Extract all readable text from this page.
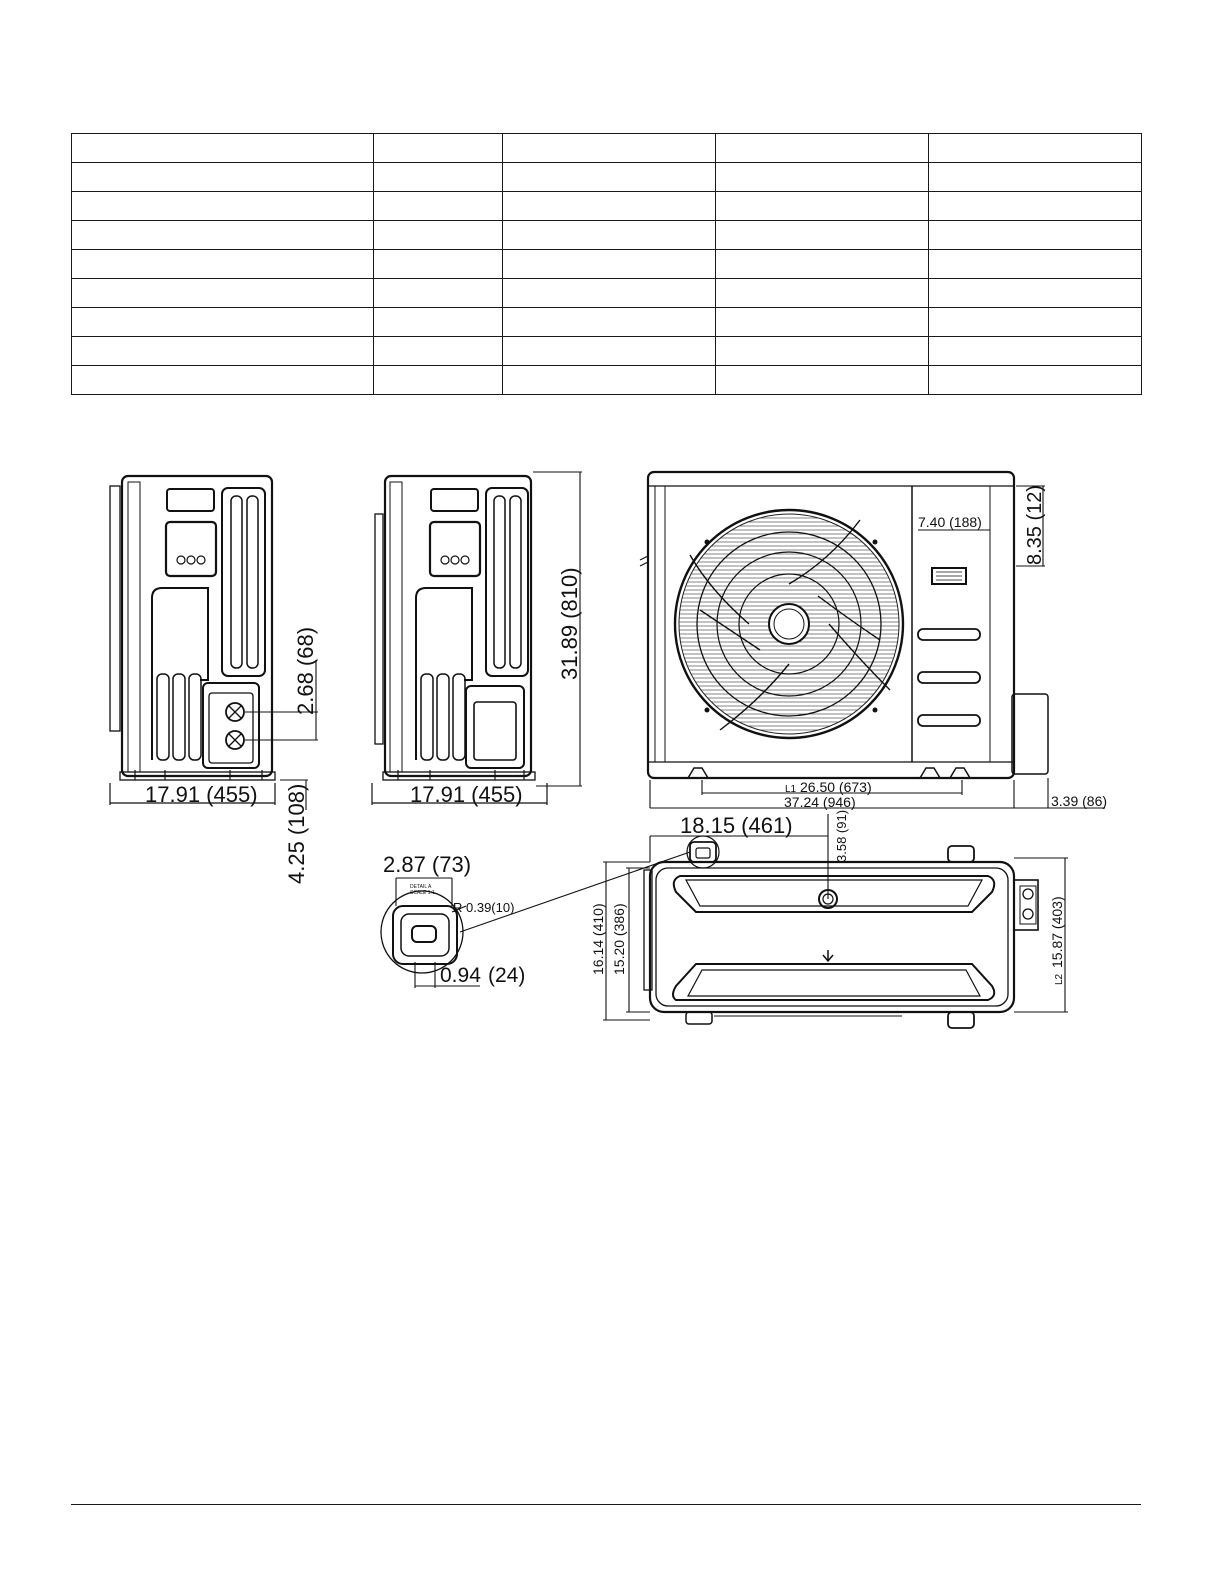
17.91 (455)
2.68 (68)
4.25 (108)	17.91 (455)
31.89 (810)
L1 26.50 (673)
37.24 (946)	3.39 (86)
7.40 (188) 8.35 (12)
18.15 (461)	3.58 (91)
16.14 (410) 15.20 (386)
L2
15.87 (403)
DETAIL A
SCALE 1:1
2.87 (73)
R 0.39(10)
0.94 (24)
